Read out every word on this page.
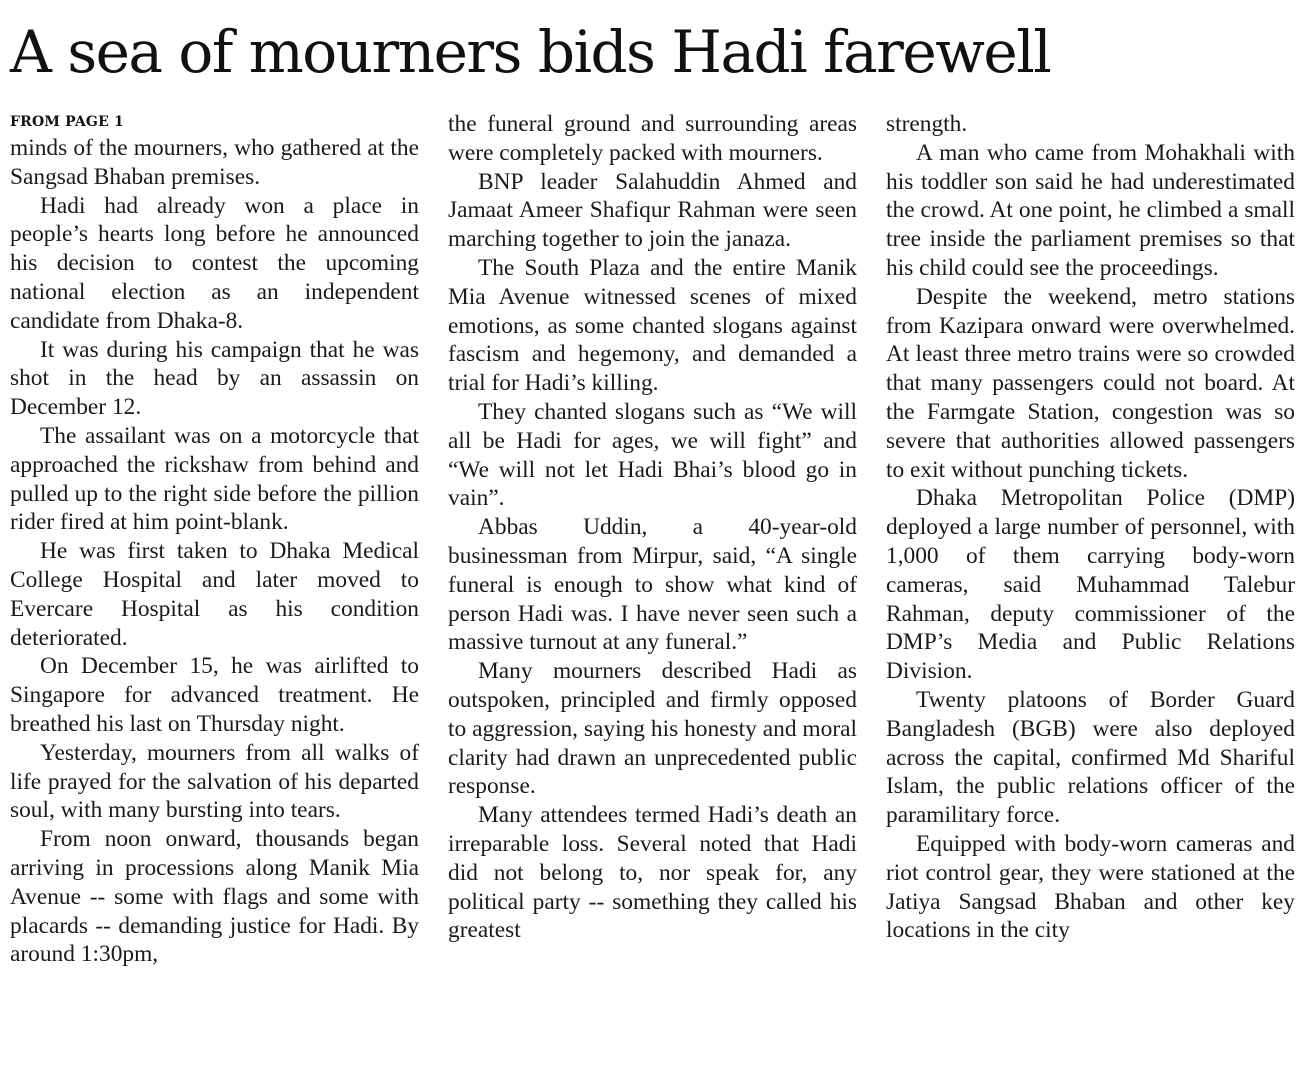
A sea of mourners bids Hadi farewell
FROM PAGE 1

minds of the mourners, who gathered at the Sangsad Bhaban premises.

Hadi had already won a place in people’s hearts long before he announced his decision to contest the upcoming national election as an independent candidate from Dhaka-8.

It was during his campaign that he was shot in the head by an assassin on December 12.

The assailant was on a motorcycle that approached the rickshaw from behind and pulled up to the right side before the pillion rider fired at him point-blank.

He was first taken to Dhaka Medical College Hospital and later moved to Evercare Hospital as his condition deteriorated.

On December 15, he was airlifted to Singapore for advanced treatment. He breathed his last on Thursday night.

Yesterday, mourners from all walks of life prayed for the salvation of his departed soul, with many bursting into tears.

From noon onward, thousands began arriving in processions along Manik Mia Avenue -- some with flags and some with placards -- demanding justice for Hadi. By around 1:30pm,

the funeral ground and surrounding areas were completely packed with mourners.

BNP leader Salahuddin Ahmed and Jamaat Ameer Shafiqur Rahman were seen marching together to join the janaza.

The South Plaza and the entire Manik Mia Avenue witnessed scenes of mixed emotions, as some chanted slogans against fascism and hegemony, and demanded a trial for Hadi’s killing.

They chanted slogans such as “We will all be Hadi for ages, we will fight” and “We will not let Hadi Bhai’s blood go in vain”.

Abbas Uddin, a 40-year-old businessman from Mirpur, said, “A single funeral is enough to show what kind of person Hadi was. I have never seen such a massive turnout at any funeral.”

Many mourners described Hadi as outspoken, principled and firmly opposed to aggression, saying his honesty and moral clarity had drawn an unprecedented public response.

Many attendees termed Hadi’s death an irreparable loss. Several noted that Hadi did not belong to, nor speak for, any political party -- something they called his greatest

strength.

A man who came from Mohakhali with his toddler son said he had underestimated the crowd. At one point, he climbed a small tree inside the parliament premises so that his child could see the proceedings.

Despite the weekend, metro stations from Kazipara onward were overwhelmed. At least three metro trains were so crowded that many passengers could not board. At the Farmgate Station, congestion was so severe that authorities allowed passengers to exit without punching tickets.

Dhaka Metropolitan Police (DMP) deployed a large number of personnel, with 1,000 of them carrying body-worn cameras, said Muhammad Talebur Rahman, deputy commissioner of the DMP’s Media and Public Relations Division.

Twenty platoons of Border Guard Bangladesh (BGB) were also deployed across the capital, confirmed Md Shariful Islam, the public relations officer of the paramilitary force.

Equipped with body-worn cameras and riot control gear, they were stationed at the Jatiya Sangsad Bhaban and other key locations in the city
